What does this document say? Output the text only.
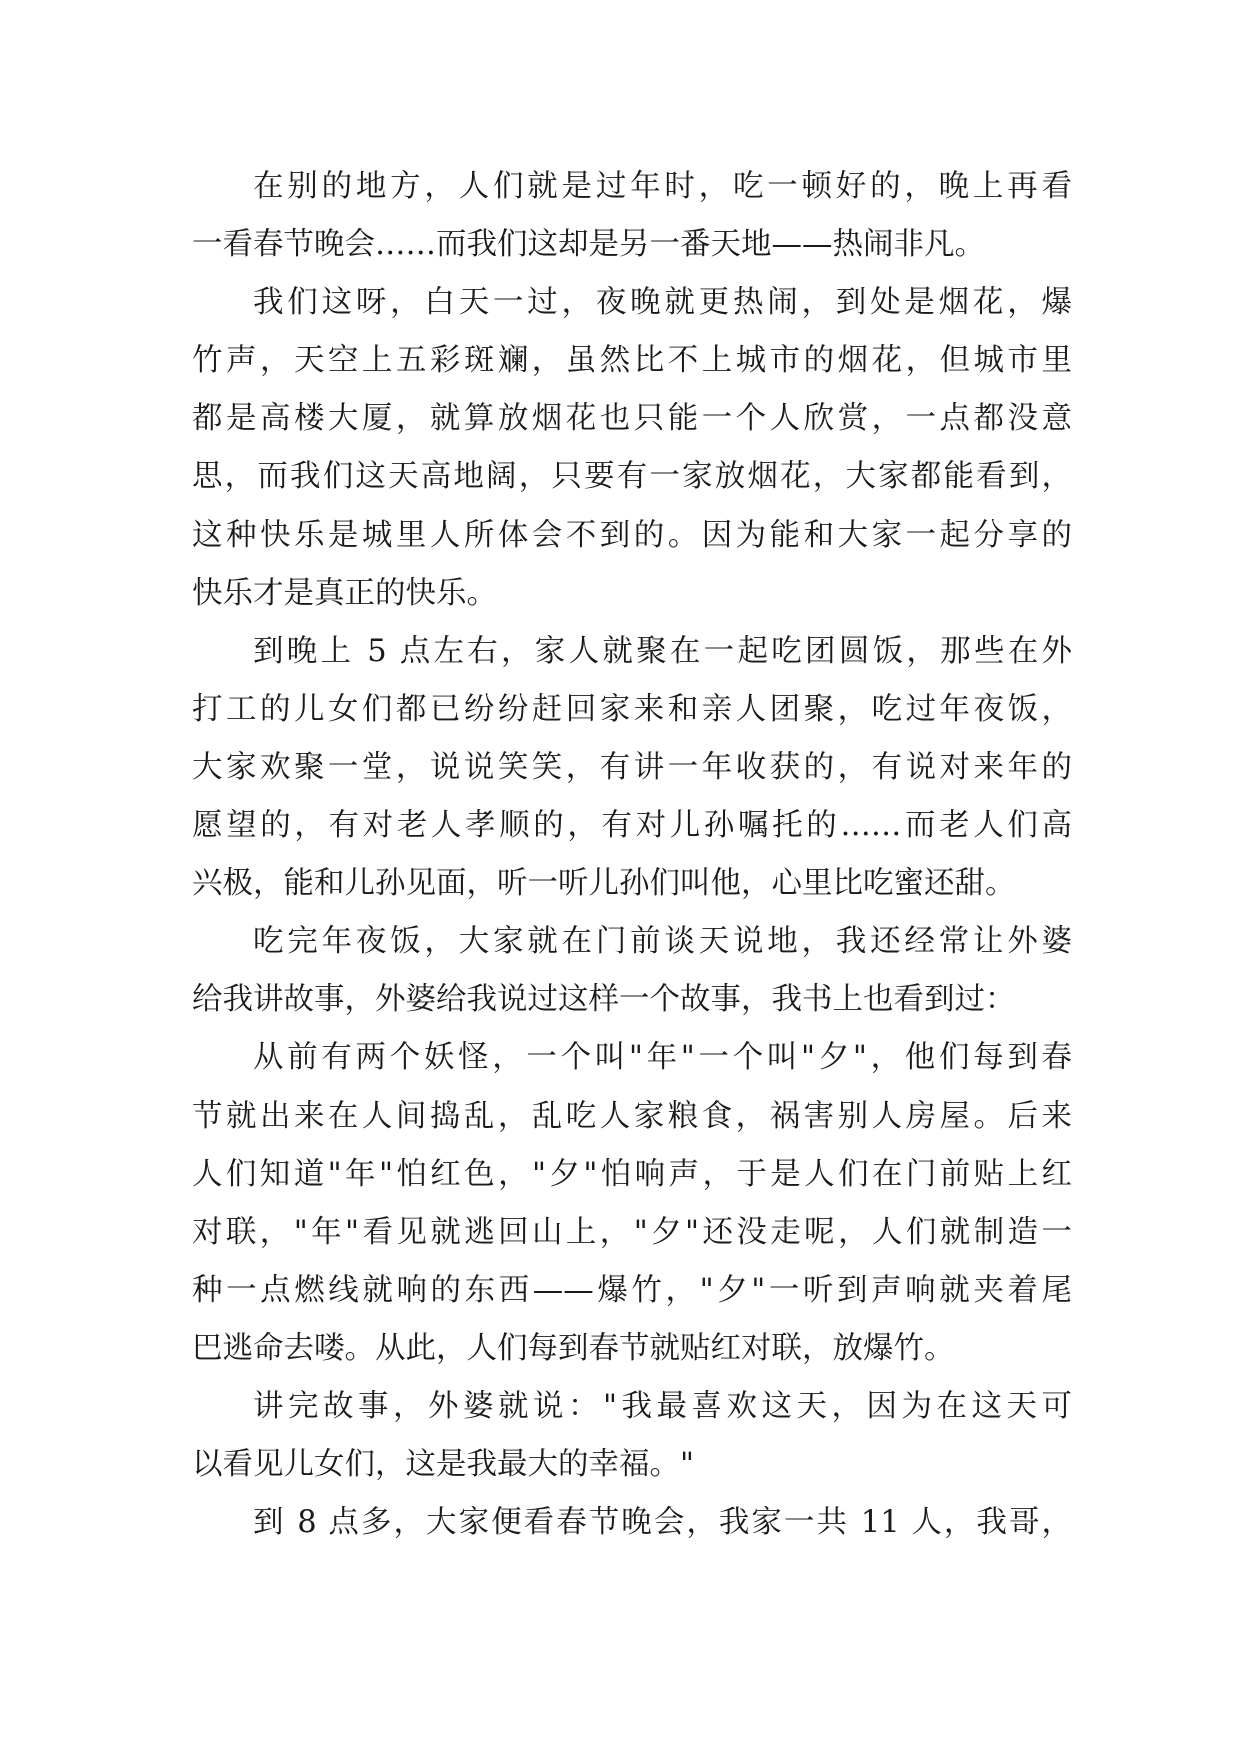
在别的地方，人们就是过年时，吃一顿好的，晚上再看
一看春节晚会……而我们这却是另一番天地——热闹非凡。

我们这呀，白天一过，夜晚就更热闹，到处是烟花，爆
竹声，天空上五彩斑斓，虽然比不上城市的烟花，但城市里
都是高楼大厦，就算放烟花也只能一个人欣赏，一点都没意
思，而我们这天高地阔，只要有一家放烟花，大家都能看到，
这种快乐是城里人所体会不到的。因为能和大家一起分享的
快乐才是真正的快乐。

到晚上 5 点左右，家人就聚在一起吃团圆饭，那些在外
打工的儿女们都已纷纷赶回家来和亲人团聚，吃过年夜饭，
大家欢聚一堂，说说笑笑，有讲一年收获的，有说对来年的
愿望的，有对老人孝顺的，有对儿孙嘱托的……而老人们高
兴极，能和儿孙见面，听一听儿孙们叫他，心里比吃蜜还甜。

吃完年夜饭，大家就在门前谈天说地，我还经常让外婆
给我讲故事，外婆给我说过这样一个故事，我书上也看到过：

从前有两个妖怪，一个叫"年"一个叫"夕"，他们每到春
节就出来在人间捣乱，乱吃人家粮食，祸害别人房屋。后来
人们知道"年"怕红色，"夕"怕响声，于是人们在门前贴上红
对联，"年"看见就逃回山上，"夕"还没走呢，人们就制造一
种一点燃线就响的东西——爆竹，"夕"一听到声响就夹着尾
巴逃命去喽。从此，人们每到春节就贴红对联，放爆竹。

讲完故事，外婆就说："我最喜欢这天，因为在这天可
以看见儿女们，这是我最大的幸福。"

到 8 点多，大家便看春节晚会，我家一共 11 人，我哥，
